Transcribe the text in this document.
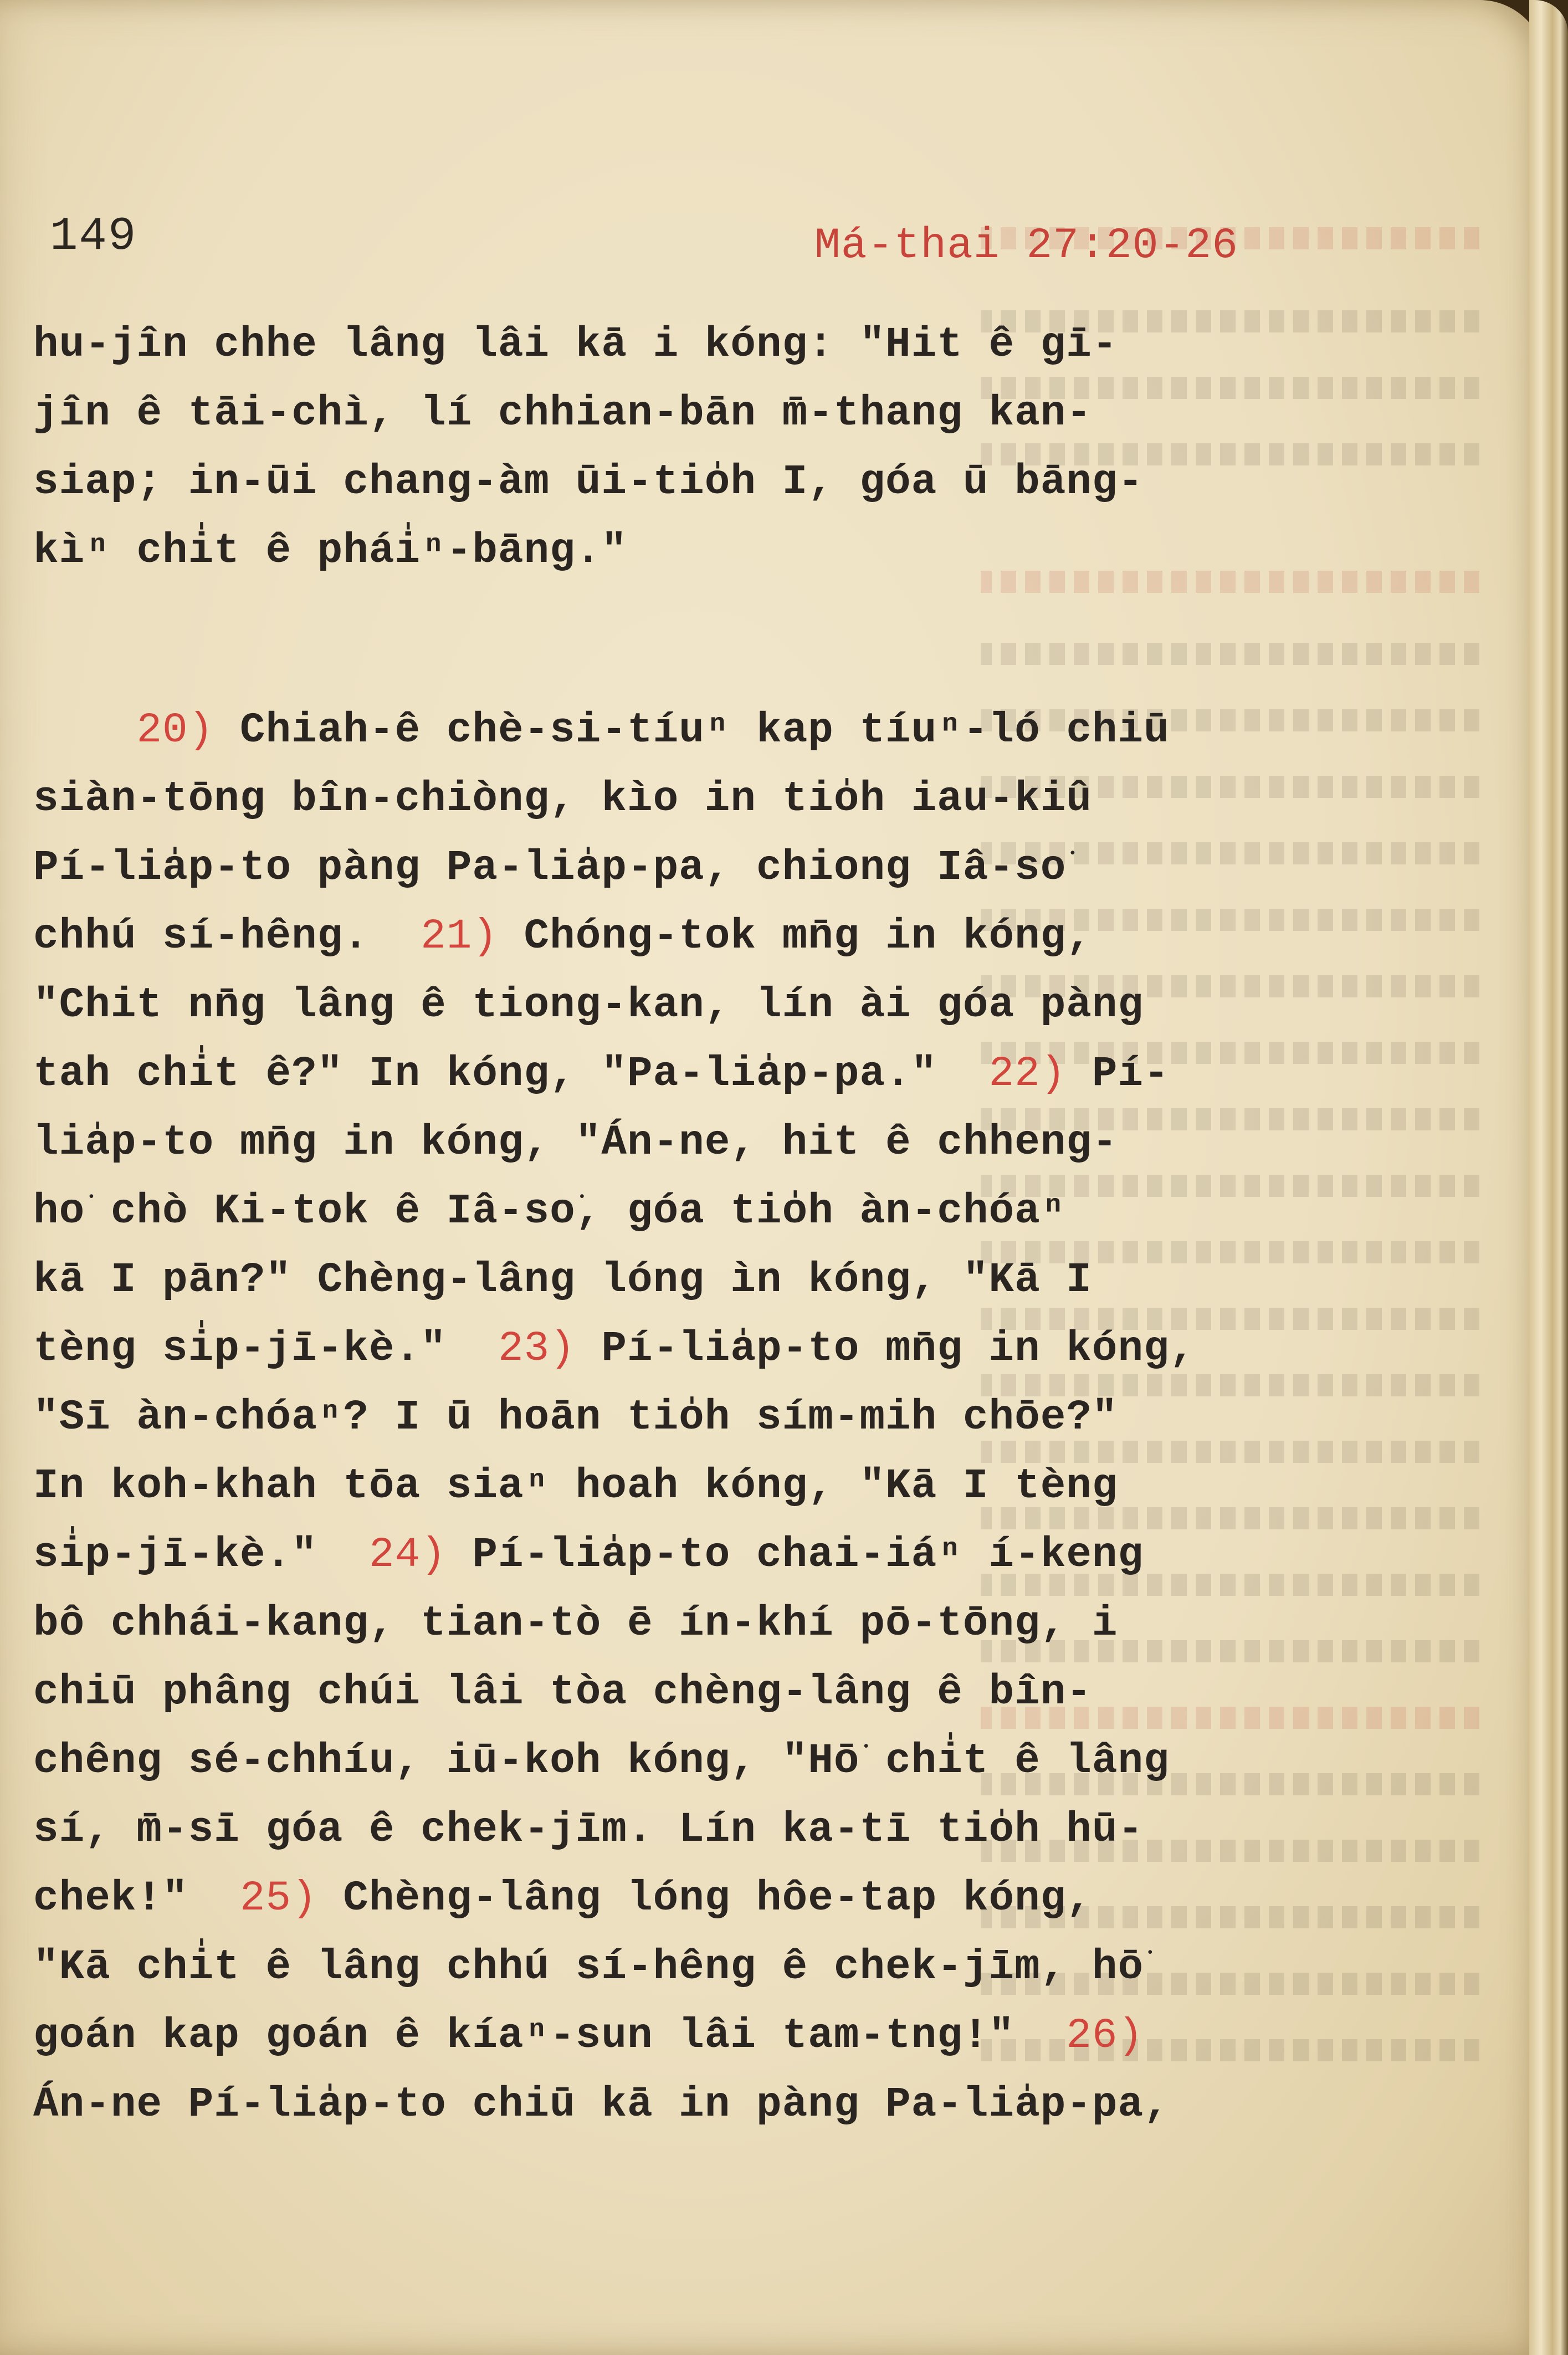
149	Má-thai 27:20-26
hu-jîn chhe lâng lâi kā i kóng: "Hit ê gī-
jîn ê tāi-chì, lí chhian-bān m̄-thang kan-
siap; in-ūi chang-àm ūi-tio̍h I, góa ū bāng-
kìⁿ chi̍t ê phái̍ⁿ-bāng."
20) Chiah-ê chè-si-tíuⁿ kap tíuⁿ-ló chiū
siàn-tōng bîn-chiòng, kìo in tio̍h iau-kiû
Pí-lia̍p-to pàng Pa-lia̍p-pa, chiong Iâ-so͘
chhú sí-hêng.  21) Chóng-tok mn̄g in kóng,
"Chit nn̄g lâng ê tiong-kan, lín ài góa pàng
tah chi̍t ê?" In kóng, "Pa-lia̍p-pa."  22) Pí-
lia̍p-to mn̄g in kóng, "Án-ne, hit ê chheng-
ho͘ chò Ki-tok ê Iâ-so͘, góa tio̍h àn-chóaⁿ
kā I pān?" Chèng-lâng lóng ìn kóng, "Kā I
tèng si̍p-jī-kè."  23) Pí-lia̍p-to mn̄g in kóng,
"Sī àn-chóaⁿ? I ū hoān tio̍h sím-mih chōe?"
In koh-khah tōa siaⁿ hoah kóng, "Kā I tèng
si̍p-jī-kè."  24) Pí-lia̍p-to chai-iáⁿ í-keng
bô chhái-kang, tian-tò ē ín-khí pō-tōng, i
chiū phâng chúi lâi tòa chèng-lâng ê bîn-
chêng sé-chhíu, iū-koh kóng, "Hō͘ chi̍t ê lâng
sí, m̄-sī góa ê chek-jīm. Lín ka-tī tio̍h hū-
chek!"  25) Chèng-lâng lóng hôe-tap kóng,
"Kā chi̍t ê lâng chhú sí-hêng ê chek-jīm, hō͘
goán kap goán ê kíaⁿ-sun lâi tam-tng!"  26)
Án-ne Pí-lia̍p-to chiū kā in pàng Pa-lia̍p-pa,
